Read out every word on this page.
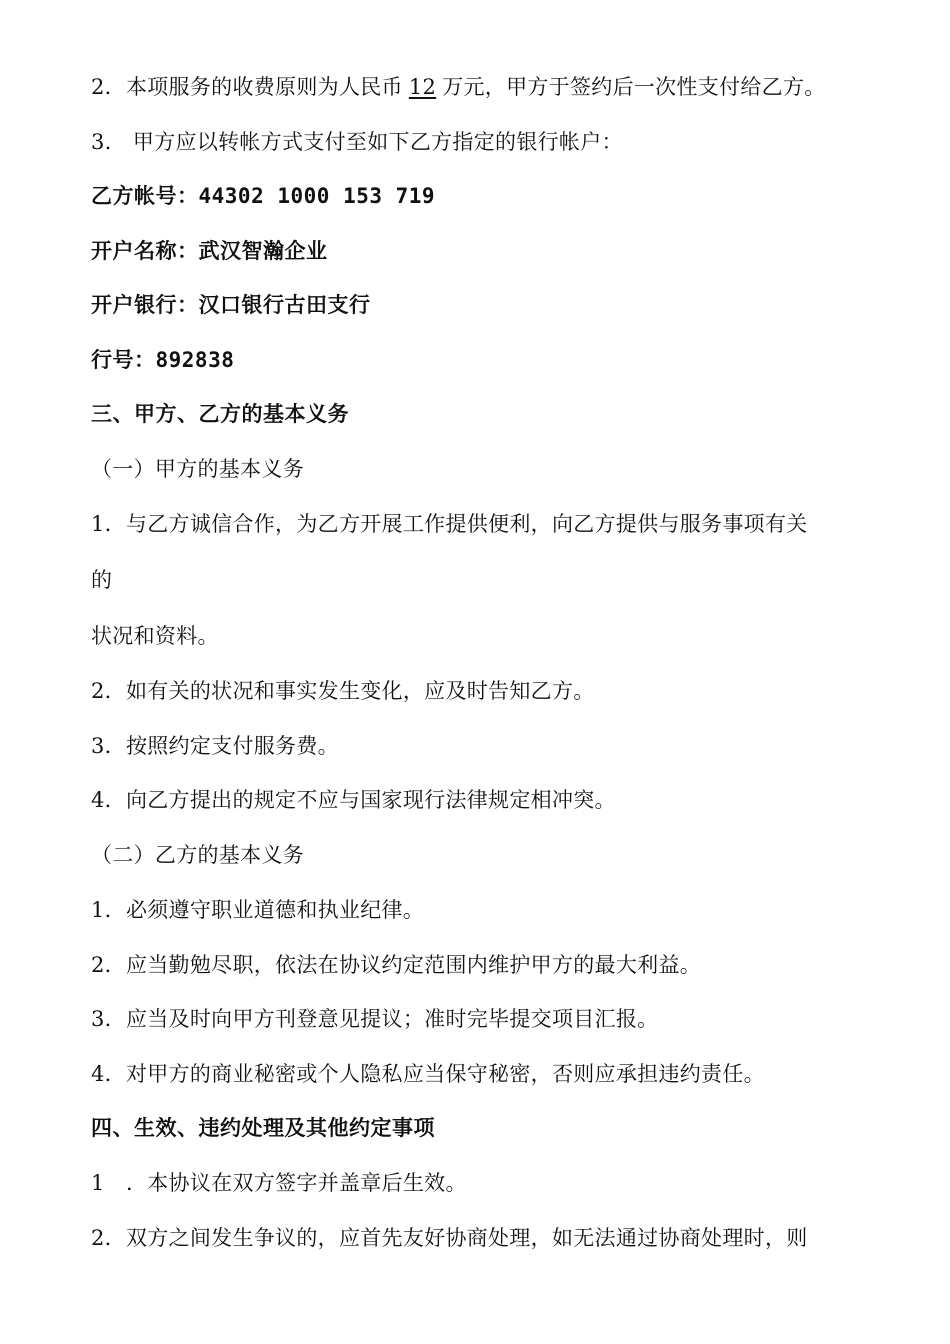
2．本项服务的收费原则为人民币 12 万元，甲方于签约后一次性支付给乙方。
3.　甲方应以转帐方式支付至如下乙方指定的银行帐户：
乙方帐号：44302 1000 153 719
开户名称：武汉智瀚企业
开户银行：汉口银行古田支行
行号：892838
三、甲方、乙方的基本义务
（一）甲方的基本义务
1．与乙方诚信合作，为乙方开展工作提供便利，向乙方提供与服务事项有关
的
状况和资料。
2．如有关的状况和事实发生变化，应及时告知乙方。
3．按照约定支付服务费。
4．向乙方提出的规定不应与国家现行法律规定相冲突。
（二）乙方的基本义务
1．必须遵守职业道德和执业纪律。
2．应当勤勉尽职，依法在协议约定范围内维护甲方的最大利益。
3．应当及时向甲方刊登意见提议；准时完毕提交项目汇报。
4．对甲方的商业秘密或个人隐私应当保守秘密，否则应承担违约责任。
四、生效、违约处理及其他约定事项
1　．本协议在双方签字并盖章后生效。
2．双方之间发生争议的，应首先友好协商处理，如无法通过协商处理时，则
